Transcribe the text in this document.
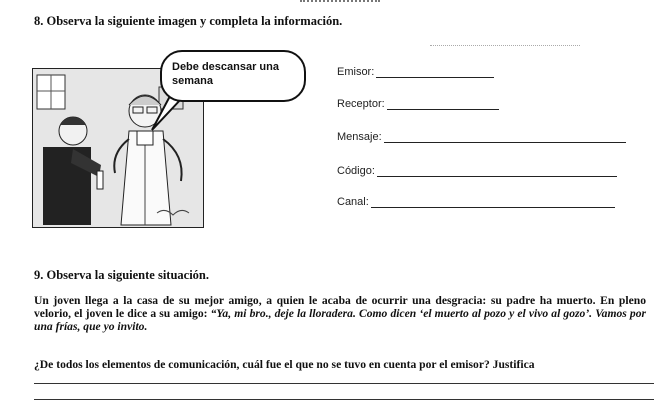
8. Observa la siguiente imagen y completa la información.
Debe descansar una
semana
Emisor:
Receptor:
Mensaje:
Código:
Canal:
9. Observa la siguiente situación.
Un joven llega a la casa de su mejor amigo, a quien le acaba de ocurrir una desgracia: su padre ha muerto. En pleno velorio, el joven le dice a su amigo: “Ya, mi bro., deje la lloradera. Como dicen ‘el muerto al pozo y el vivo al gozo’. Vamos por una frías, que yo invito.
¿De todos los elementos de comunicación, cuál fue el que no se tuvo en cuenta por el emisor? Justifica
